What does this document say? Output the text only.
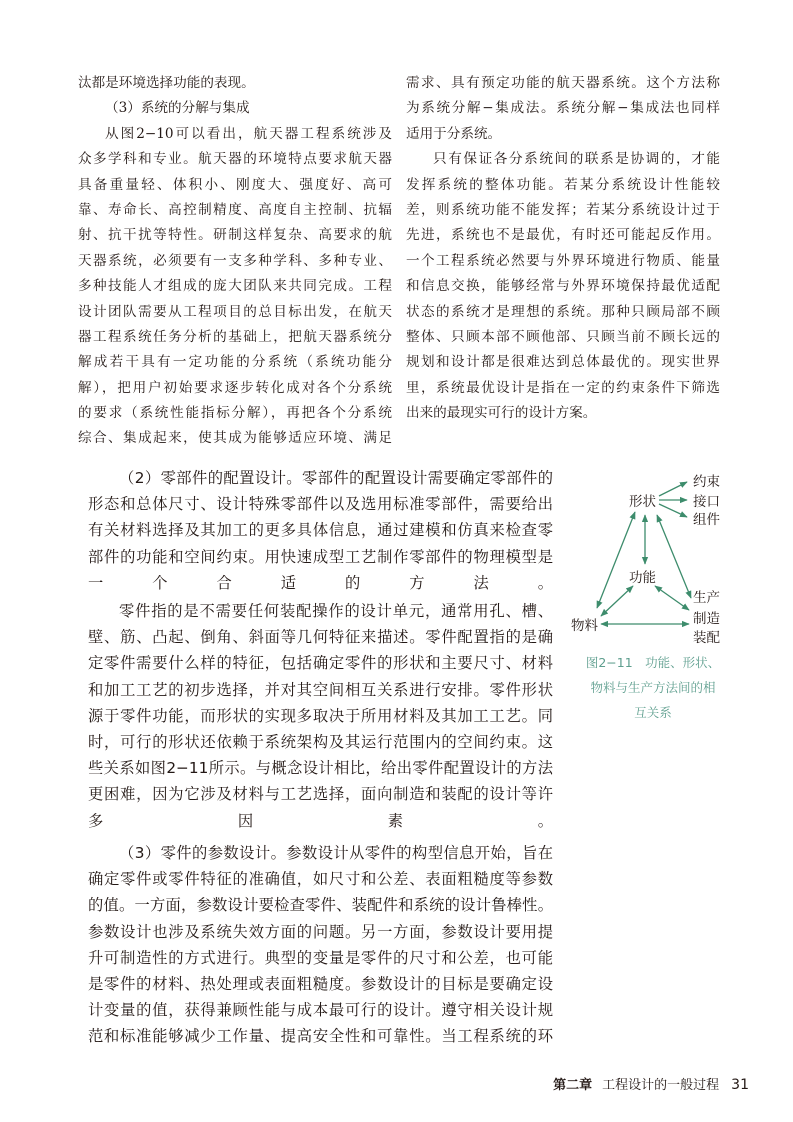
汰都是环境选择功能的表现。
（3）系统的分解与集成
从图2−10可以看出，航天器工程系统涉及
众多学科和专业。航天器的环境特点要求航天器
具备重量轻、体积小、刚度大、强度好、高可
靠、寿命长、高控制精度、高度自主控制、抗辐
射、抗干扰等特性。研制这样复杂、高要求的航
天器系统，必须要有一支多种学科、多种专业、
多种技能人才组成的庞大团队来共同完成。工程
设计团队需要从工程项目的总目标出发，在航天
器工程系统任务分析的基础上，把航天器系统分
解成若干具有一定功能的分系统（系统功能分
解），把用户初始要求逐步转化成对各个分系统
的要求（系统性能指标分解），再把各个分系统
综合、集成起来，使其成为能够适应环境、满足
需求、具有预定功能的航天器系统。这个方法称
为系统分解−集成法。系统分解−集成法也同样
适用于分系统。
只有保证各分系统间的联系是协调的，才能
发挥系统的整体功能。若某分系统设计性能较
差，则系统功能不能发挥；若某分系统设计过于
先进，系统也不是最优，有时还可能起反作用。
一个工程系统必然要与外界环境进行物质、能量
和信息交换，能够经常与外界环境保持最优适配
状态的系统才是理想的系统。那种只顾局部不顾
整体、只顾本部不顾他部、只顾当前不顾长远的
规划和设计都是很难达到总体最优的。现实世界
里，系统最优设计是指在一定的约束条件下筛选
出来的最现实可行的设计方案。
（2）零部件的配置设计。零部件的配置设计需要确定零部件的
形态和总体尺寸、设计特殊零部件以及选用标准零部件，需要给出
有关材料选择及其加工的更多具体信息，通过建模和仿真来检查零
部件的功能和空间约束。用快速成型工艺制作零部件的物理模型是
一个合适的方法。
零件指的是不需要任何装配操作的设计单元，通常用孔、槽、
壁、筋、凸起、倒角、斜面等几何特征来描述。零件配置指的是确
定零件需要什么样的特征，包括确定零件的形状和主要尺寸、材料
和加工工艺的初步选择，并对其空间相互关系进行安排。零件形状
源于零件功能，而形状的实现多取决于所用材料及其加工工艺。同
时，可行的形状还依赖于系统架构及其运行范围内的空间约束。这
些关系如图2−11所示。与概念设计相比，给出零件配置设计的方法
更困难，因为它涉及材料与工艺选择，面向制造和装配的设计等许
多因素。
（3）零件的参数设计。参数设计从零件的构型信息开始，旨在
确定零件或零件特征的准确值，如尺寸和公差、表面粗糙度等参数
的值。一方面，参数设计要检查零件、装配件和系统的设计鲁棒性。
参数设计也涉及系统失效方面的问题。另一方面，参数设计要用提
升可制造性的方式进行。典型的变量是零件的尺寸和公差，也可能
是零件的材料、热处理或表面粗糙度。参数设计的目标是要确定设
计变量的值，获得兼顾性能与成本最可行的设计。遵守相关设计规
范和标准能够减少工作量、提高安全性和可靠性。当工程系统的环
形状
约束
接口
组件
功能
物料
生产
制造
装配
图2−11　功能、形状、
物料与生产方法间的相
互关系
第二章 工程设计的一般过程 31
